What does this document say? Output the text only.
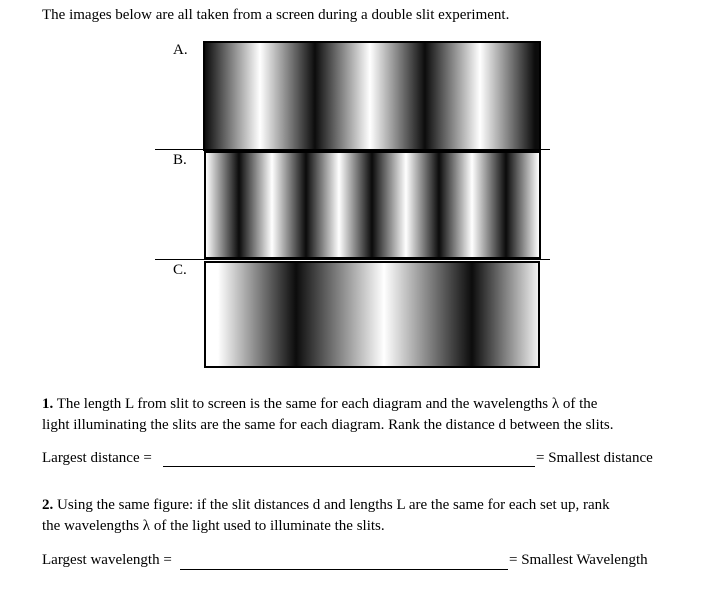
The images below are all taken from a screen during a double slit experiment.
A.
B.
C.
1. The length L from slit to screen is the same for each diagram and the wavelengths λ of the
light illuminating the slits are the same for each diagram. Rank the distance d between the slits.
Largest distance =	= Smallest distance
2. Using the same figure: if the slit distances d and lengths L are the same for each set up, rank
the wavelengths λ of the light used to illuminate the slits.
Largest wavelength =	= Smallest Wavelength
